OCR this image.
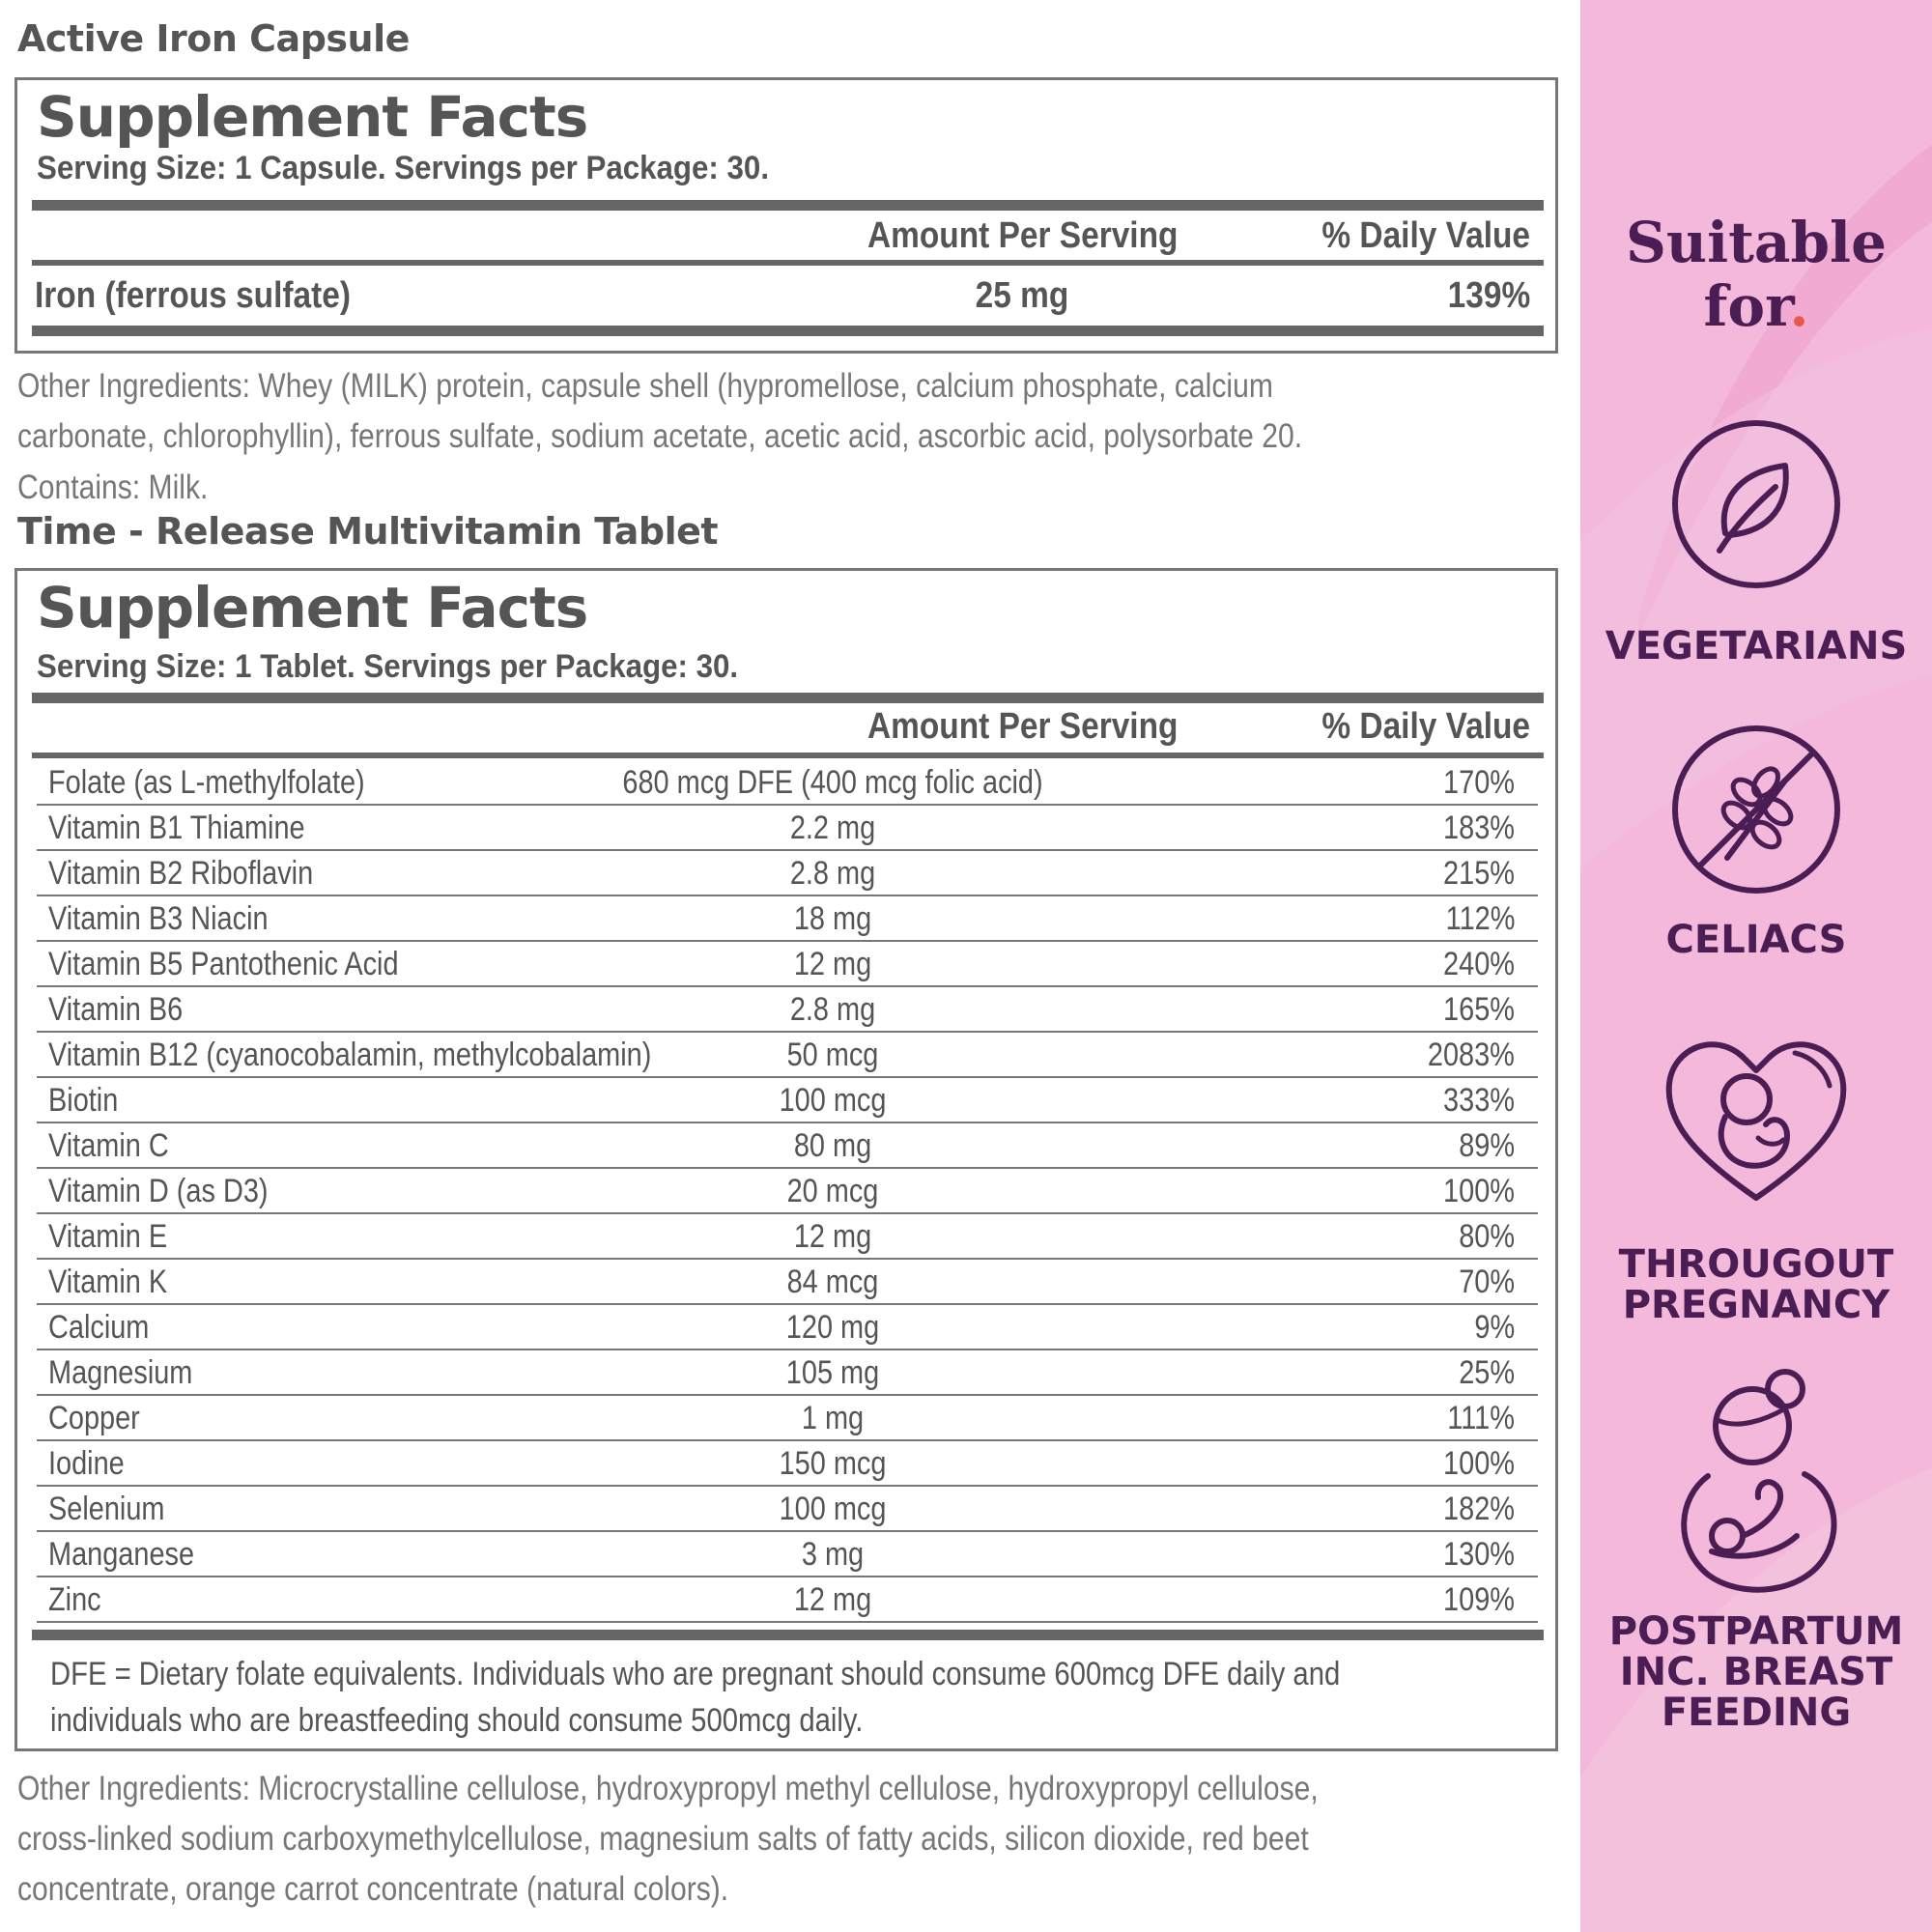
Active Iron Capsule
Supplement Facts
Serving Size: 1 Capsule. Servings per Package: 30.
Amount Per Serving	% Daily Value
Iron (ferrous sulfate)	25 mg	139%
Other Ingredients: Whey (MILK) protein, capsule shell (hypromellose, calcium phosphate, calcium carbonate, chlorophyllin), ferrous sulfate, sodium acetate, acetic acid, ascorbic acid, polysorbate 20.
Contains: Milk.
Time - Release Multivitamin Tablet
Supplement Facts
Serving Size: 1 Tablet. Servings per Package: 30.
Amount Per Serving	% Daily Value
Folate (as L-methylfolate)	680 mcg DFE (400 mcg folic acid)	170%
Vitamin B1 Thiamine	2.2 mg	183%
Vitamin B2 Riboflavin	2.8 mg	215%
Vitamin B3 Niacin	18 mg	112%
Vitamin B5 Pantothenic Acid	12 mg	240%
Vitamin B6	2.8 mg	165%
Vitamin B12 (cyanocobalamin, methylcobalamin)	50 mcg	2083%
Biotin	100 mcg	333%
Vitamin C	80 mg	89%
Vitamin D (as D3)	20 mcg	100%
Vitamin E	12 mg	80%
Vitamin K	84 mcg	70%
Calcium	120 mg	9%
Magnesium	105 mg	25%
Copper	1 mg	111%
Iodine	150 mcg	100%
Selenium	100 mcg	182%
Manganese	3 mg	130%
Zinc	12 mg	109%
DFE = Dietary folate equivalents. Individuals who are pregnant should consume 600mcg DFE daily and individuals who are breastfeeding should consume 500mcg daily.
Other Ingredients: Microcrystalline cellulose, hydroxypropyl methyl cellulose, hydroxypropyl cellulose, cross-linked sodium carboxymethylcellulose, magnesium salts of fatty acids, silicon dioxide, red beet concentrate, orange carrot concentrate (natural colors).
Suitable
for.
VEGETARIANS
CELIACS
THROUGOUT
PREGNANCY
POSTPARTUM
INC. BREAST
FEEDING
